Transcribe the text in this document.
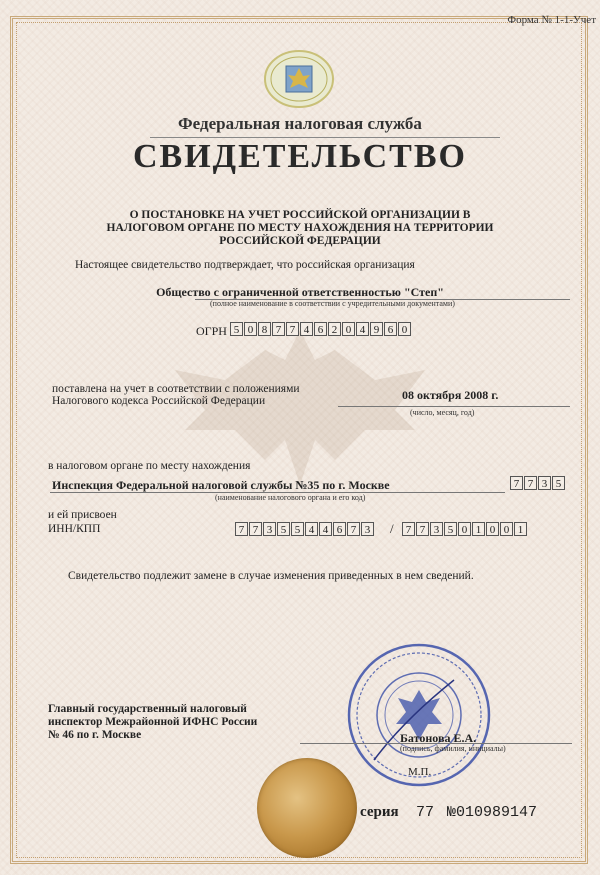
Форма № 1-1-Учет
Федеральная налоговая служба
СВИДЕТЕЛЬСТВО
О ПОСТАНОВКЕ НА УЧЕТ РОССИЙСКОЙ ОРГАНИЗАЦИИ В НАЛОГОВОМ ОРГАНЕ ПО МЕСТУ НАХОЖДЕНИЯ НА ТЕРРИТОРИИ РОССИЙСКОЙ ФЕДЕРАЦИИ
Настоящее свидетельство подтверждает, что российская организация
Общество с ограниченной ответственностью "Степ"
(полное наименование в соответствии с учредительными документами)
ОГРН 5 0 8 7 7 4 6 2 0 4 9 6 0
поставлена на учет в соответствии с положениями
Налогового кодекса Российской Федерации	08 октября 2008 г.
(число, месяц, год)
в налоговом органе по месту нахождения
Инспекция Федеральной налоговой службы №35 по г. Москве	7 7 3 5
(наименование налогового органа и его код)
и ей присвоен
ИНН/КПП	7 7 3 5 5 4 4 6 7 3 /	7 7 3 5 0 1 0 0 1
Свидетельство подлежит замене в случае изменения приведенных в нем сведений.
Главный государственный налоговый
инспектор Межрайонной ИФНС России
№ 46 по г. Москве	Батонова Е.А.
(подпись, фамилия, инициалы)
М.П.
серия 77 №010989147
